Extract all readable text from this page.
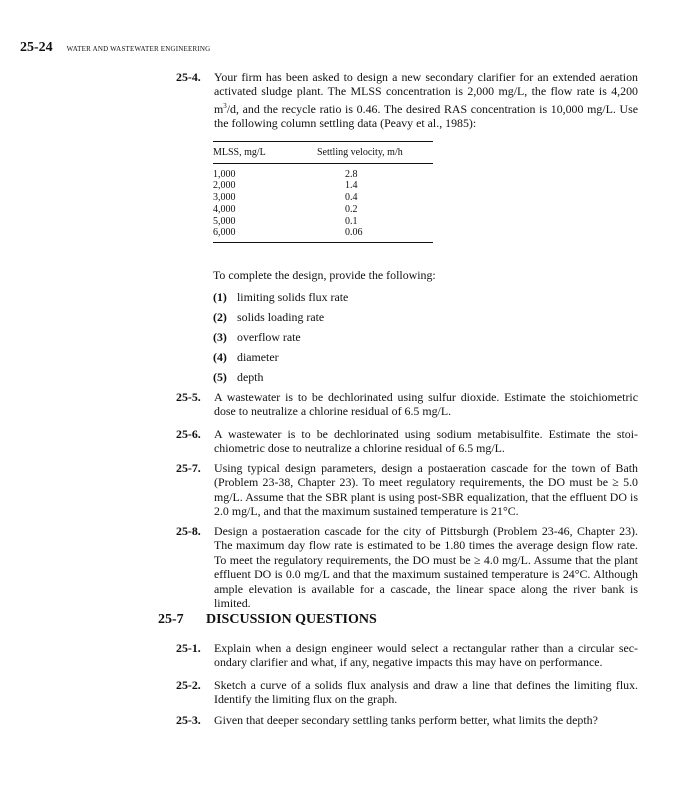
25-24 WATER AND WASTEWATER ENGINEERING
25-4. Your firm has been asked to design a new secondary clarifier for an extended aeration activated sludge plant. The MLSS concentration is 2,000 mg/L, the flow rate is 4,200 $m^3/d$, and the recycle ratio is 0.46. The desired RAS concentration is 10,000 mg/L. Use the following column settling data (Peavy et al., 1985):
MLSS, mg/L	Settling velocity, m/h
1,000	2.8
2,000	1.4
3,000	0.4
4,000	0.2
5,000	0.1
6,000	0.06
To complete the design, provide the following:
(1) limiting solids flux rate
(2) solids loading rate
(3) overflow rate
(4) diameter
(5) depth
25-5. A wastewater is to be dechlorinated using sulfur dioxide. Estimate the stoichiometric dose to neutralize a chlorine residual of 6.5 mg/L.
25-6. A wastewater is to be dechlorinated using sodium metabisulfite. Estimate the stoichiometric dose to neutralize a chlorine residual of 6.5 mg/L.
25-7. Using typical design parameters, design a postaeration cascade for the town of Bath (Problem 23-38, Chapter 23). To meet regulatory requirements, the DO must be ≥ 5.0 mg/L. Assume that the SBR plant is using post-SBR equalization, that the effluent DO is 2.0 mg/L, and that the maximum sustained temperature is 21°C.
25-8. Design a postaeration cascade for the city of Pittsburgh (Problem 23-46, Chapter 23). The maximum day flow rate is estimated to be 1.80 times the average design flow rate. To meet the regulatory requirements, the DO must be ≥ 4.0 mg/L. Assume that the plant effluent DO is 0.0 mg/L and that the maximum sustained temperature is 24°C. Although ample elevation is available for a cascade, the linear space along the river bank is limited.
25-7 DISCUSSION QUESTIONS
25-1. Explain when a design engineer would select a rectangular rather than a circular secondary clarifier and what, if any, negative impacts this may have on performance.
25-2. Sketch a curve of a solids flux analysis and draw a line that defines the limiting flux. Identify the limiting flux on the graph.
25-3. Given that deeper secondary settling tanks perform better, what limits the depth?
